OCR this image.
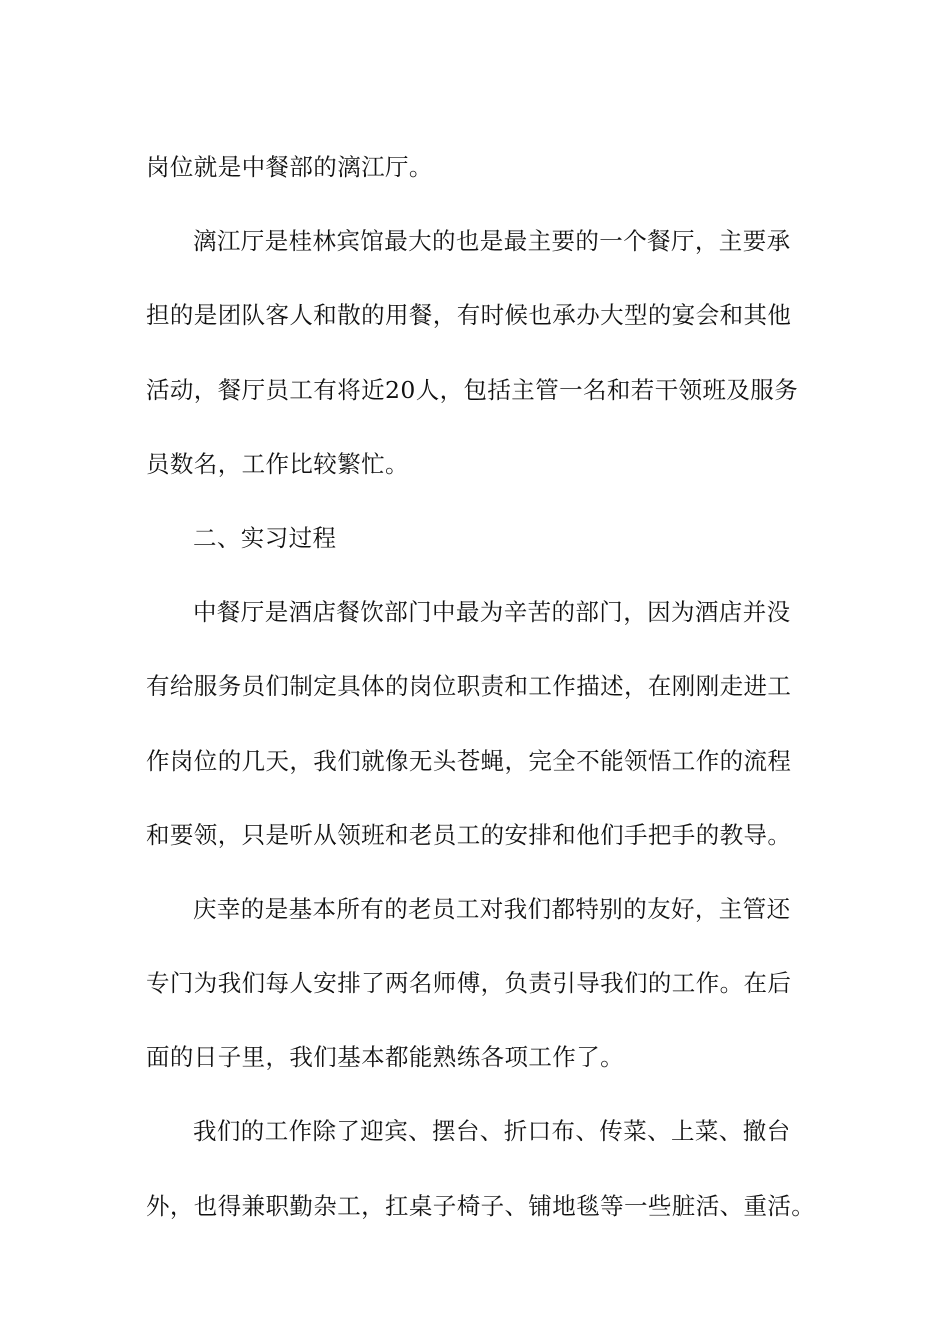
岗位就是中餐部的漓江厅。
漓江厅是桂林宾馆最大的也是最主要的一个餐厅，主要承
担的是团队客人和散的用餐，有时候也承办大型的宴会和其他
活动，餐厅员工有将近20人，包括主管一名和若干领班及服务
员数名，工作比较繁忙。
二、实习过程
中餐厅是酒店餐饮部门中最为辛苦的部门，因为酒店并没
有给服务员们制定具体的岗位职责和工作描述，在刚刚走进工
作岗位的几天，我们就像无头苍蝇，完全不能领悟工作的流程
和要领，只是听从领班和老员工的安排和他们手把手的教导。
庆幸的是基本所有的老员工对我们都特别的友好，主管还
专门为我们每人安排了两名师傅，负责引导我们的工作。在后
面的日子里，我们基本都能熟练各项工作了。
我们的工作除了迎宾、摆台、折口布、传菜、上菜、撤台
外，也得兼职勤杂工，扛桌子椅子、铺地毯等一些脏活、重活。
